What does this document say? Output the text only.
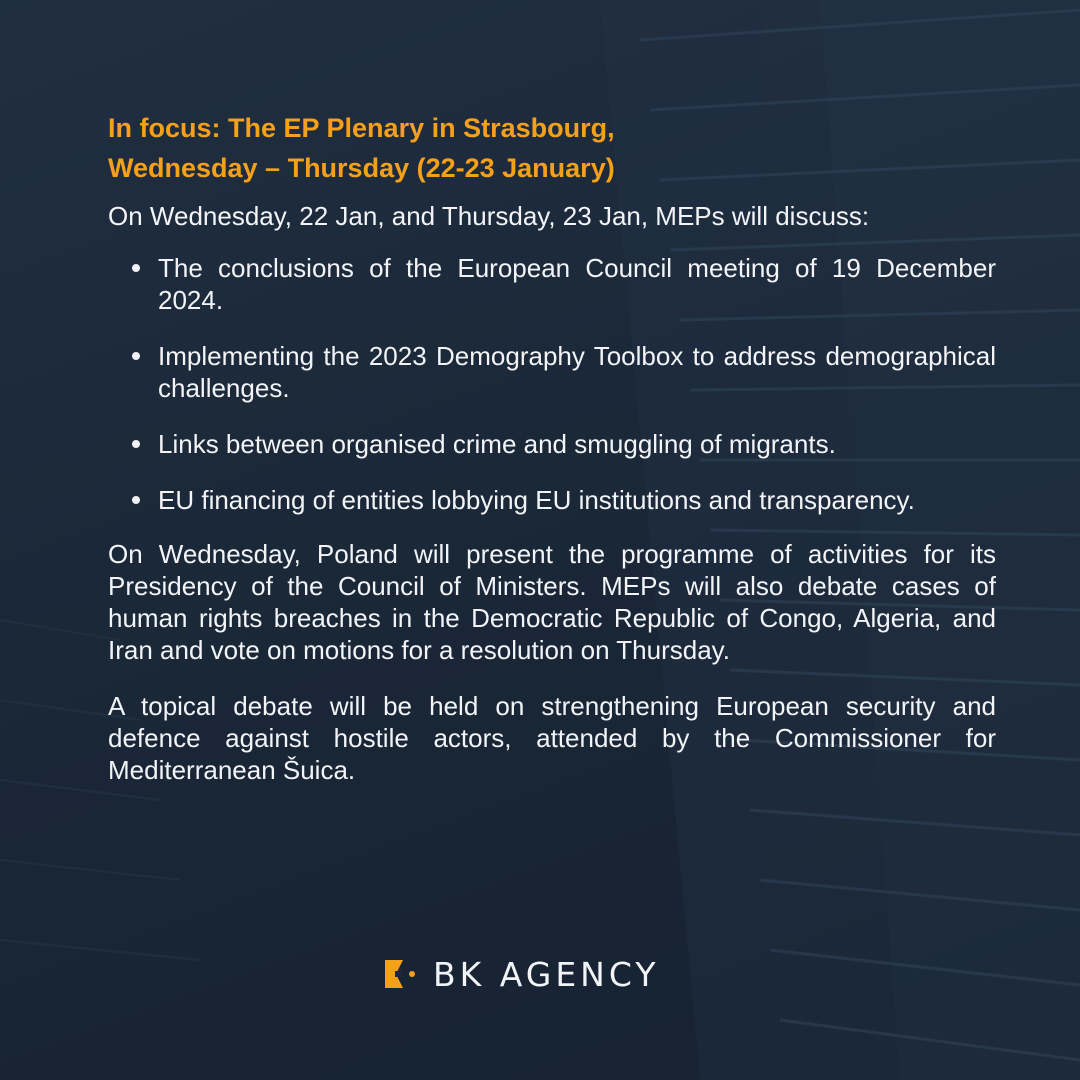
In focus: The EP Plenary in Strasbourg,
Wednesday – Thursday (22-23 January)

On Wednesday, 22 Jan, and Thursday, 23 Jan, MEPs will discuss:

The conclusions of the European Council meeting of 19 December 2024.
Implementing the 2023 Demography Toolbox to address demographical challenges.
Links between organised crime and smuggling of migrants.
EU financing of entities lobbying EU institutions and transparency.

On Wednesday, Poland will present the programme of activities for its Presidency of the Council of Ministers. MEPs will also debate cases of human rights breaches in the Democratic Republic of Congo, Algeria, and Iran and vote on motions for a resolution on Thursday.

A topical debate will be held on strengthening European security and defence against hostile actors, attended by the Commissioner for Mediterranean Šuica.

BK AGENCY
